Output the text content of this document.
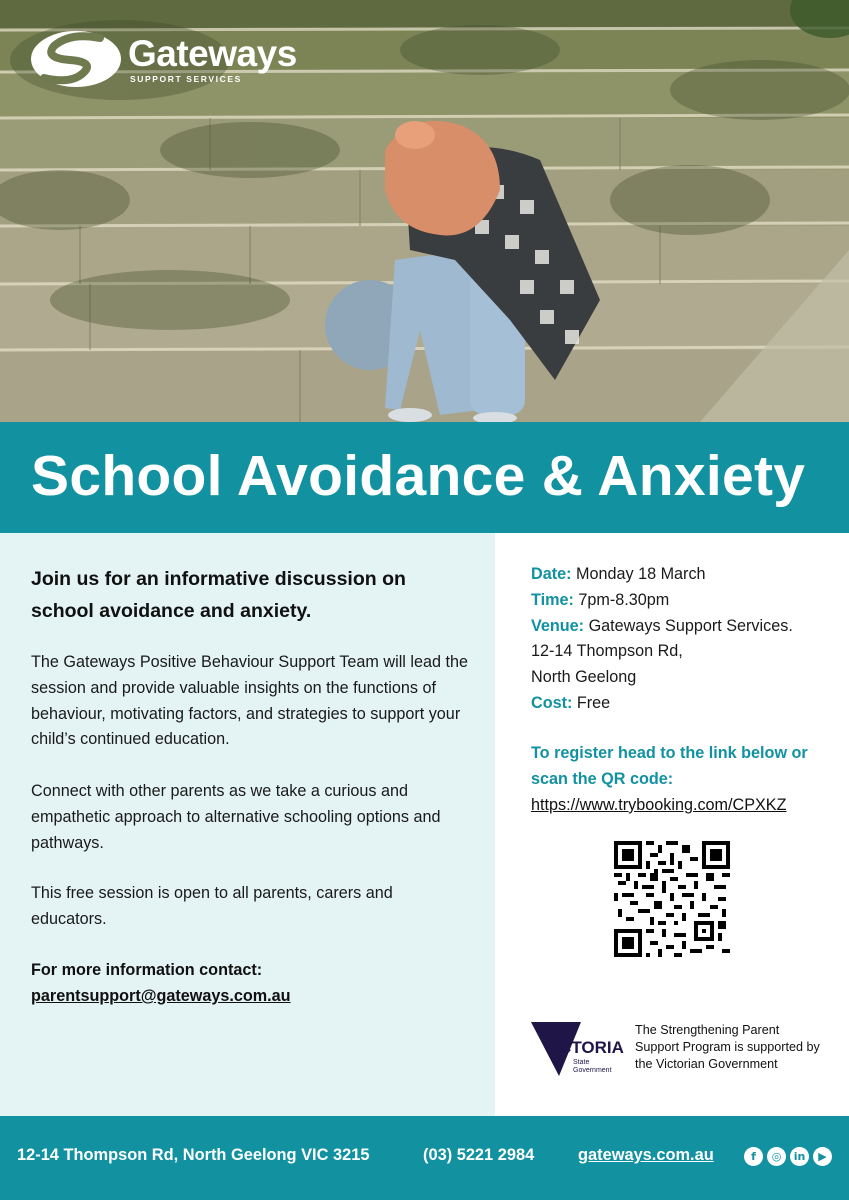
Gateways
SUPPORT SERVICES
School Avoidance & Anxiety

Join us for an informative discussion on school avoidance and anxiety.

The Gateways Positive Behaviour Support Team will lead the session and provide valuable insights on the functions of behaviour, motivating factors, and strategies to support your child’s continued education.

Connect with other parents as we take a curious and empathetic approach to alternative schooling options and pathways.

This free session is open to all parents, carers and educators.

For more information contact:

parentsupport@gateways.com.au

Date: Monday 18 March
Time: 7pm-8.30pm
Venue: Gateways Support Services.
12-14 Thompson Rd,
North Geelong
Cost: Free
To register head to the link below or scan the QR code:
https://www.trybooking.com/CPXKZ
VICTORIA
State
Government
The Strengthening Parent Support Program is supported by the Victorian Government
12-14 Thompson Rd, North Geelong VIC 3215	(03) 5221 2984	gateways.com.au	f	◎	in	▶
